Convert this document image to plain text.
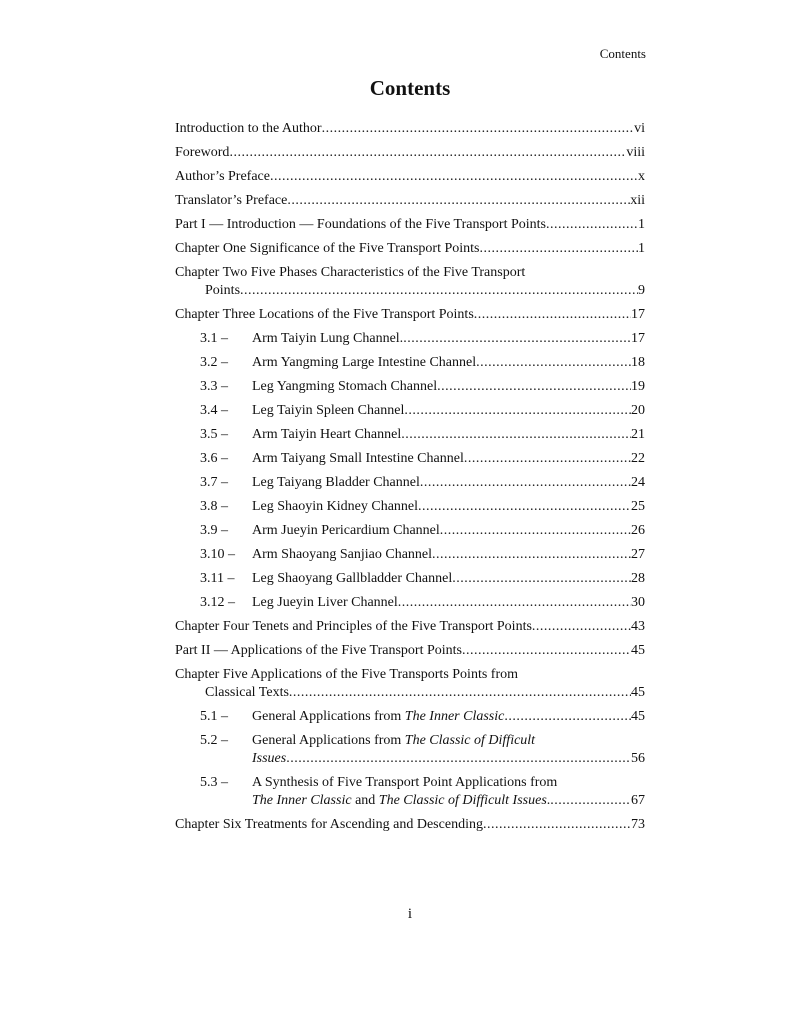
Contents
Contents
Introduction to the Author .....	vi
Foreword .....	viii
Author’s Preface .....	x
Translator’s Preface .....	xii
Part I — Introduction — Foundations of the Five Transport Points .....	1
Chapter One Significance of the Five Transport Points .....	1
Chapter Two Five Phases Characteristics of the Five Transport
Points .....	9
Chapter Three Locations of the Five Transport Points .....	17
3.1 –	Arm Taiyin Lung Channel. .....	17
3.2 –	Arm Yangming Large Intestine Channel .....	18
3.3 –	Leg Yangming Stomach Channel .....	19
3.4 –	Leg Taiyin Spleen Channel .....	20
3.5 –	Arm Taiyin Heart Channel .....	21
3.6 –	Arm Taiyang Small Intestine Channel .....	22
3.7 –	Leg Taiyang Bladder Channel .....	24
3.8 –	Leg Shaoyin Kidney Channel .....	25
3.9 –	Arm Jueyin Pericardium Channel .....	26
3.10 –	Arm Shaoyang Sanjiao Channel .....	27
3.11 –	Leg Shaoyang Gallbladder Channel .....	28
3.12 –	Leg Jueyin Liver Channel .....	30
Chapter Four Tenets and Principles of the Five Transport Points .....	43
Part II — Applications of the Five Transport Points .....	45
Chapter Five Applications of the Five Transports Points from
Classical Texts .....	45
5.1 –	General Applications from The Inner Classic .....	45
5.2 –	General Applications from The Classic of Difficult
Issues .....	56
5.3 –	A Synthesis of Five Transport Point Applications from
The Inner Classic and The Classic of Difficult Issues. .....	67
Chapter Six Treatments for Ascending and Descending .....	73
i
